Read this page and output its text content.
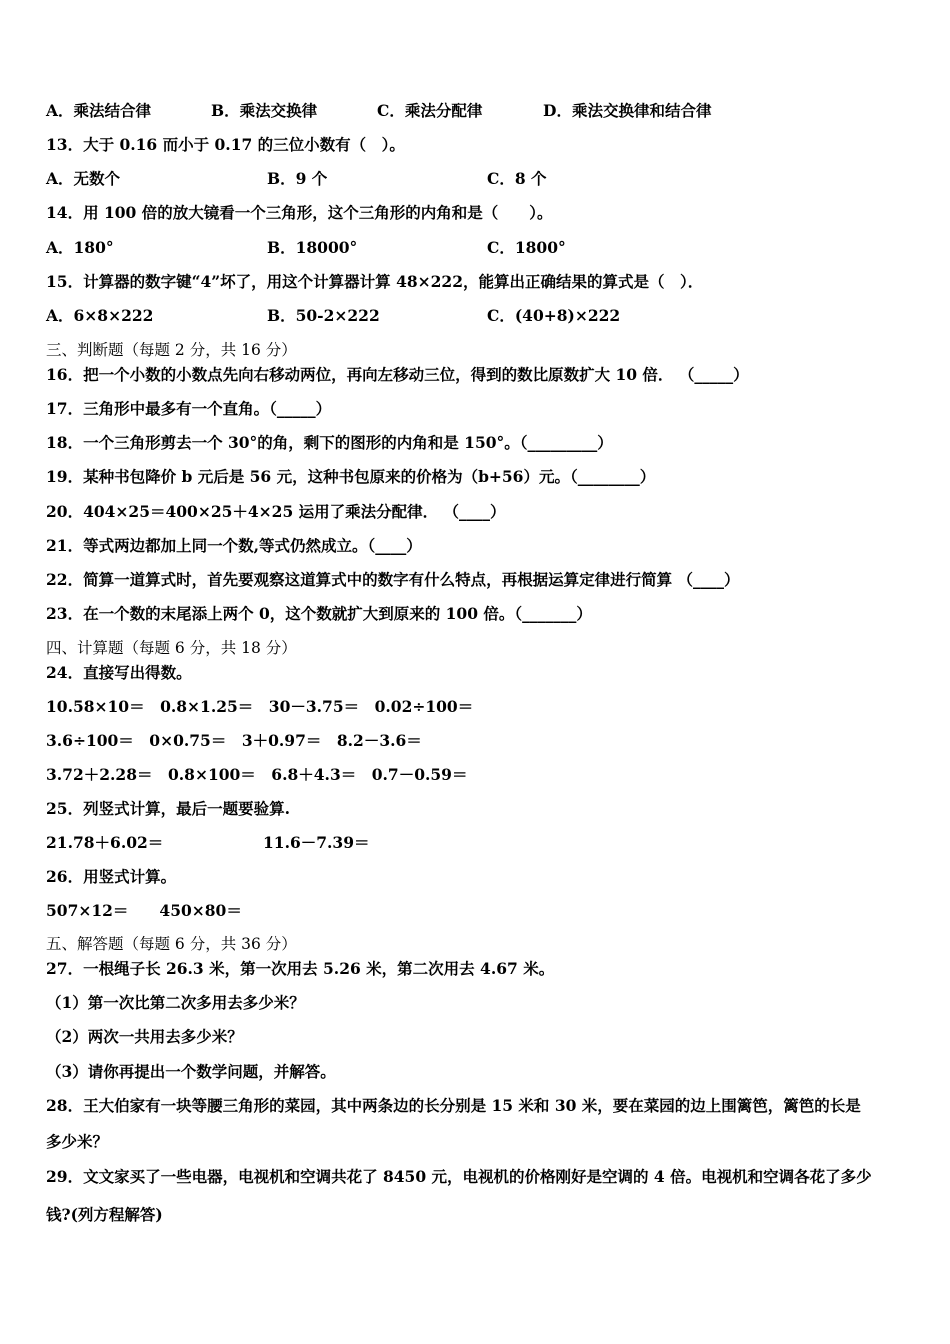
A．乘法结合律	B．乘法交换律	C．乘法分配律	D．乘法交换律和结合律
13．大于 0.16 而小于 0.17 的三位小数有（　）。
A．无数个	B．9 个	C．8 个
14．用 100 倍的放大镜看一个三角形，这个三角形的内角和是（　　）。
A．180°	B．18000°	C．1800°
15．计算器的数字键“4”坏了，用这个计算器计算 48×222，能算出正确结果的算式是（　）．
A．6×8×222	B．50-2×222	C．(40+8)×222
三、判断题（每题 2 分，共 16 分）
16．把一个小数的小数点先向右移动两位，再向左移动三位，得到的数比原数扩大 10 倍． （_____）
17．三角形中最多有一个直角。（_____）
18．一个三角形剪去一个 30°的角，剩下的图形的内角和是 150°。（_________）
19．某种书包降价 b 元后是 56 元，这种书包原来的价格为（b+56）元。（________）
20．404×25＝400×25＋4×25 运用了乘法分配律． （____）
21．等式两边都加上同一个数,等式仍然成立。（____）
22．简算一道算式时，首先要观察这道算式中的数字有什么特点，再根据运算定律进行简算 （____）
23．在一个数的末尾添上两个 0，这个数就扩大到原来的 100 倍。（_______）
四、计算题（每题 6 分，共 18 分）
24．直接写出得数。
10.58×10＝　0.8×1.25＝　30－3.75＝　0.02÷100＝
3.6÷100＝　0×0.75＝　3＋0.97＝　8.2－3.6＝
3.72＋2.28＝　0.8×100＝　6.8＋4.3＝　0.7－0.59＝
25．列竖式计算，最后一题要验算.
21.78＋6.02＝	11.6－7.39＝
26．用竖式计算。
507×12＝　　450×80＝
五、解答题（每题 6 分，共 36 分）
27．一根绳子长 26.3 米，第一次用去 5.26 米，第二次用去 4.67 米。
（1）第一次比第二次多用去多少米？
（2）两次一共用去多少米？
（3）请你再提出一个数学问题，并解答。
28．王大伯家有一块等腰三角形的菜园，其中两条边的长分别是 15 米和 30 米，要在菜园的边上围篱笆，篱笆的长是
多少米？
29．文文家买了一些电器，电视机和空调共花了 8450 元，电视机的价格刚好是空调的 4 倍。电视机和空调各花了多少
钱?(列方程解答)
